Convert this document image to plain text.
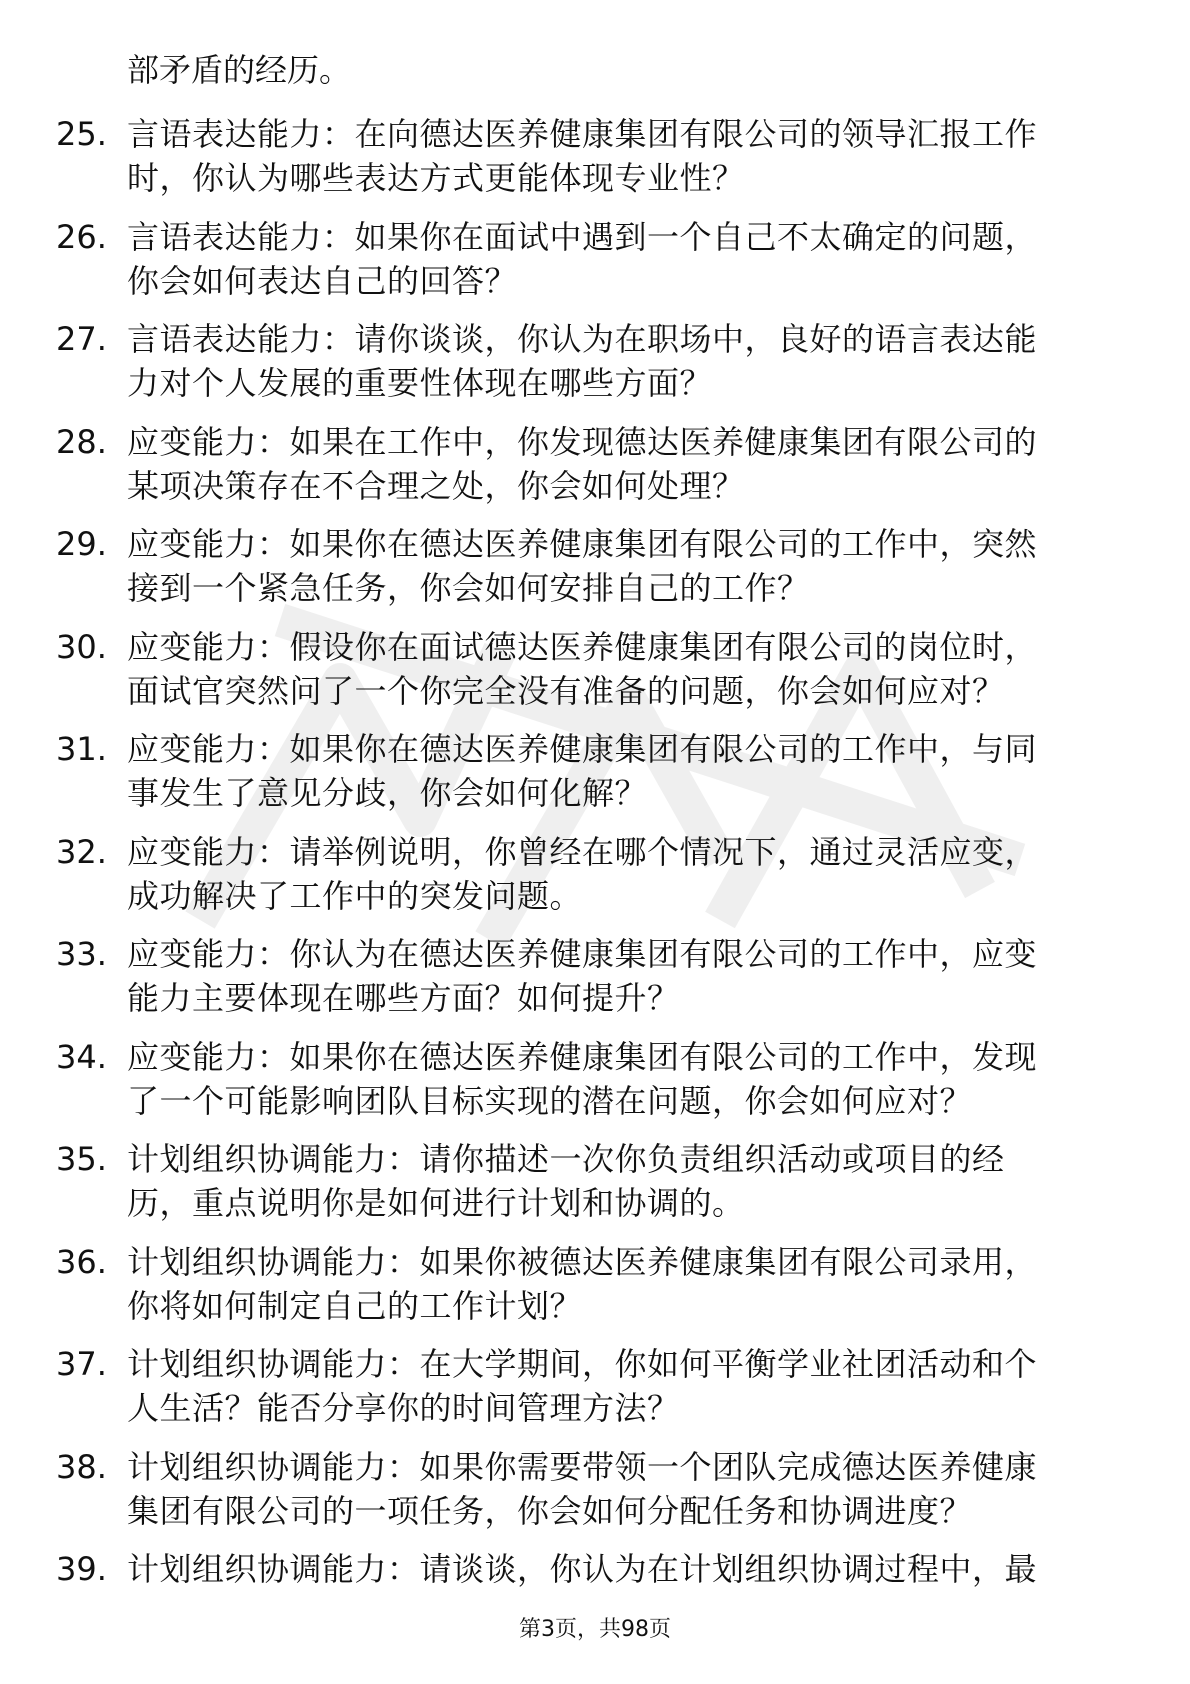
部矛盾的经历。
25. 言语表达能力：在向德达医养健康集团有限公司的领导汇报工作
时，你认为哪些表达方式更能体现专业性？
26. 言语表达能力：如果你在面试中遇到一个自己不太确定的问题，
你会如何表达自己的回答？
27. 言语表达能力：请你谈谈，你认为在职场中，良好的语言表达能
力对个人发展的重要性体现在哪些方面？
28. 应变能力：如果在工作中，你发现德达医养健康集团有限公司的
某项决策存在不合理之处，你会如何处理？
29. 应变能力：如果你在德达医养健康集团有限公司的工作中，突然
接到一个紧急任务，你会如何安排自己的工作？
30. 应变能力：假设你在面试德达医养健康集团有限公司的岗位时，
面试官突然问了一个你完全没有准备的问题，你会如何应对？
31. 应变能力：如果你在德达医养健康集团有限公司的工作中，与同
事发生了意见分歧，你会如何化解？
32. 应变能力：请举例说明，你曾经在哪个情况下，通过灵活应变，
成功解决了工作中的突发问题。
33. 应变能力：你认为在德达医养健康集团有限公司的工作中，应变
能力主要体现在哪些方面？如何提升？
34. 应变能力：如果你在德达医养健康集团有限公司的工作中，发现
了一个可能影响团队目标实现的潜在问题，你会如何应对？
35. 计划组织协调能力：请你描述一次你负责组织活动或项目的经
历，重点说明你是如何进行计划和协调的。
36. 计划组织协调能力：如果你被德达医养健康集团有限公司录用，
你将如何制定自己的工作计划？
37. 计划组织协调能力：在大学期间，你如何平衡学业社团活动和个
人生活？能否分享你的时间管理方法？
38. 计划组织协调能力：如果你需要带领一个团队完成德达医养健康
集团有限公司的一项任务，你会如何分配任务和协调进度？
39. 计划组织协调能力：请谈谈，你认为在计划组织协调过程中，最
第3页，共98页
